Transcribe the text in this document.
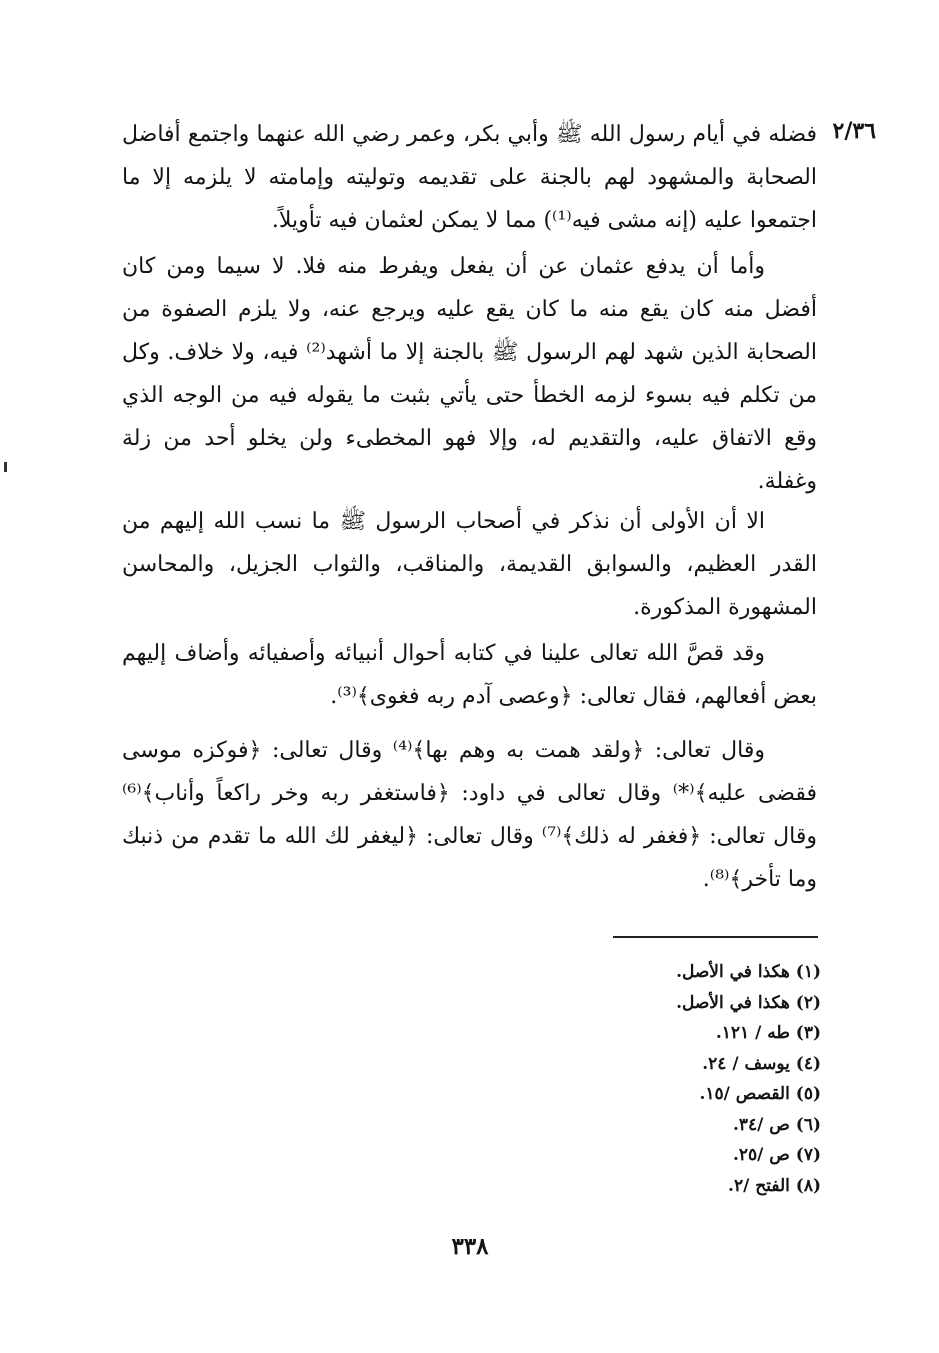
٢/٣٦

فضله في أيام رسول الله ﷺ وأبي بكر، وعمر رضي الله عنهما واجتمع أفاضل الصحابة والمشهود لهم بالجنة على تقديمه وتوليته وإمامته لا يلزمه إلا ما اجتمعوا عليه (إنه مشى فيه⁽¹⁾) مما لا يمكن لعثمان فيه تأويلاً.

وأما أن يدفع عثمان عن أن يفعل ويفرط منه فلا. لا سيما ومن كان أفضل منه كان يقع منه ما كان يقع عليه ويرجع عنه، ولا يلزم الصفوة من الصحابة الذين شهد لهم الرسول ﷺ بالجنة إلا ما أشهد⁽²⁾ فيه، ولا خلاف. وكل من تكلم فيه بسوء لزمه الخطأ حتى يأتي بثبت ما يقوله فيه من الوجه الذي وقع الاتفاق عليه، والتقديم له، وإلا فهو المخطىء ولن يخلو أحد من زلة وغفلة.

الا أن الأولى أن نذكر في أصحاب الرسول ﷺ ما نسب الله إليهم من القدر العظيم، والسوابق القديمة، والمناقب، والثواب الجزيل، والمحاسن المشهورة المذكورة.

وقد قصَّ الله تعالى علينا في كتابه أحوال أنبيائه وأصفيائه وأضاف إليهم بعض أفعالهم، فقال تعالى: ﴿وعصى آدم ربه فغوى﴾⁽³⁾.

وقال تعالى: ﴿ولقد همت به وهم بها﴾⁽⁴⁾ وقال تعالى: ﴿فوكزه موسى فقضى عليه﴾⁽*⁾ وقال تعالى في داود: ﴿فاستغفر ربه وخر راكعاً وأناب﴾⁽⁶⁾ وقال تعالى: ﴿فغفر له ذلك﴾⁽⁷⁾ وقال تعالى: ﴿ليغفر لك الله ما تقدم من ذنبك وما تأخر﴾⁽⁸⁾.

(١) هكذا في الأصل.
(٢) هكذا في الأصل.
(٣) طه / ١٢١.
(٤) يوسف / ٢٤.
(٥) القصص /١٥.
(٦) ص /٣٤.
(٧) ص /٢٥.
(٨) الفتح /٢.
٣٣٨
